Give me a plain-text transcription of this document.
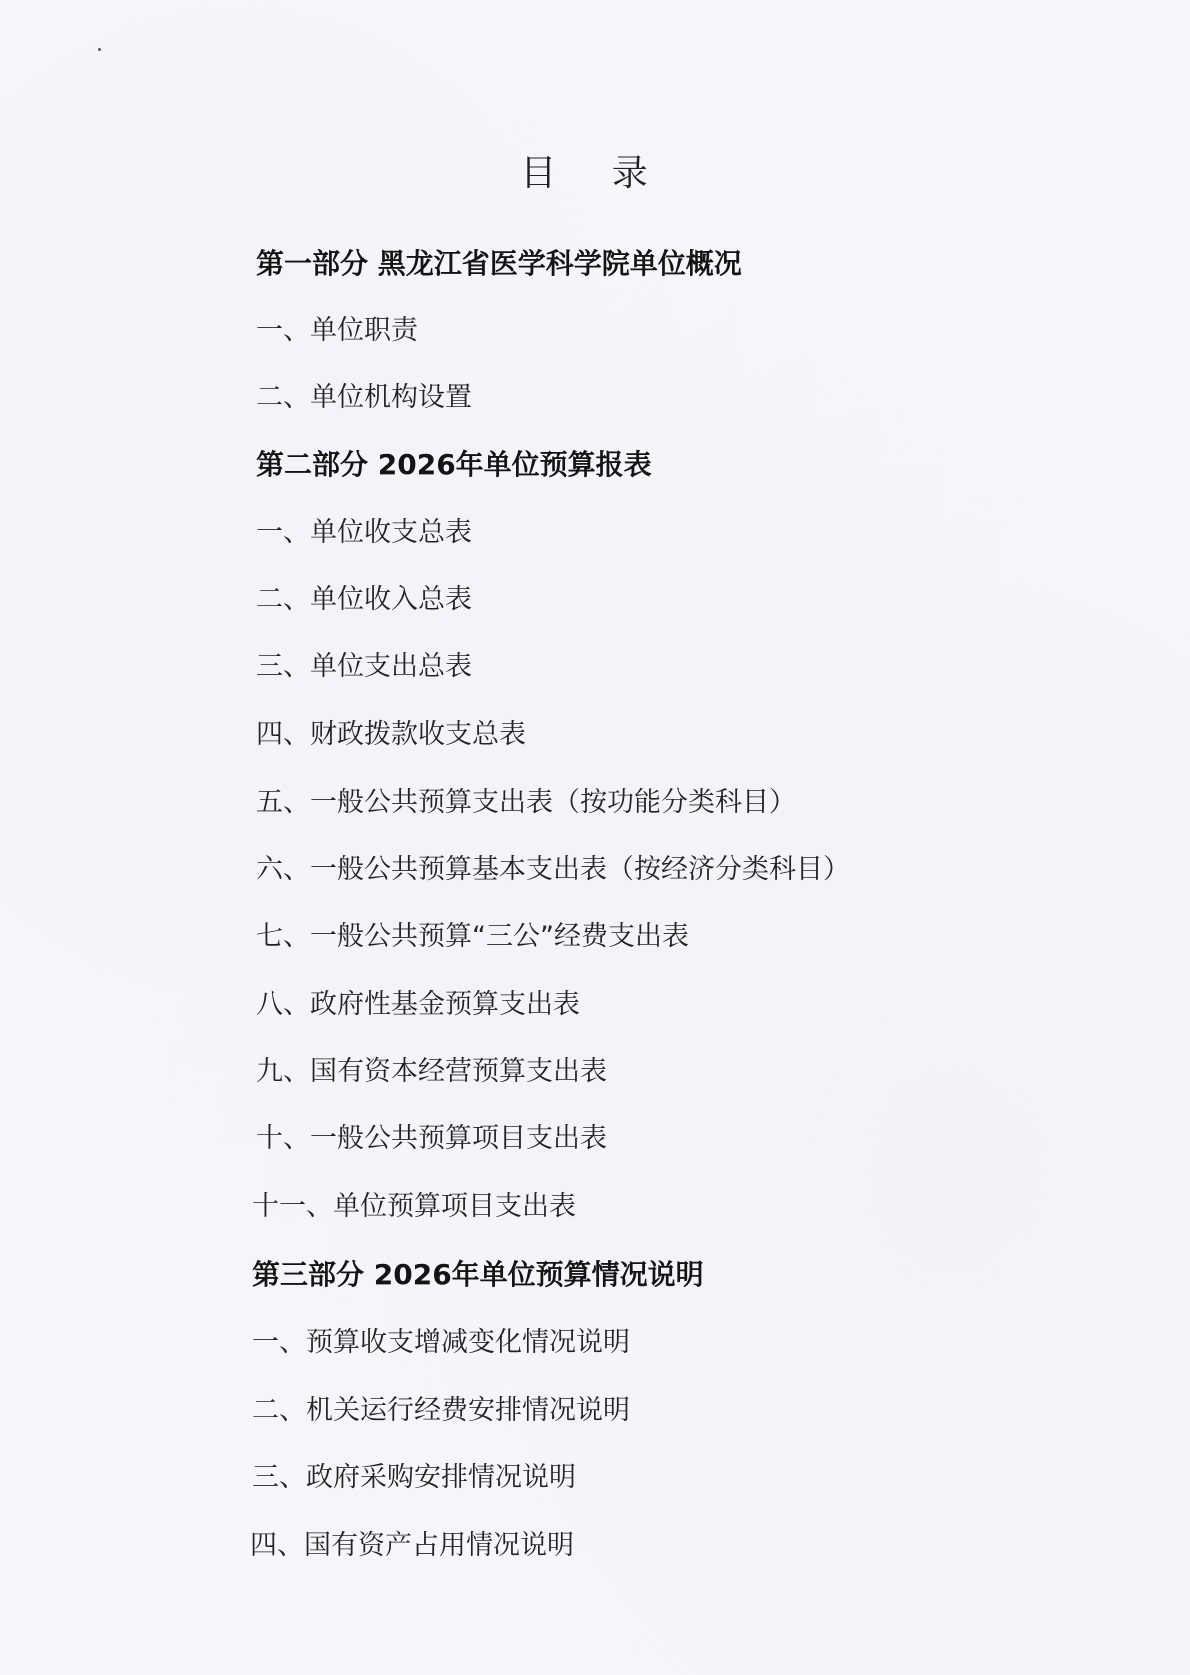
目 录
第一部分 黑龙江省医学科学院单位概况
一、单位职责
二、单位机构设置
第二部分 2026年单位预算报表
一、单位收支总表
二、单位收入总表
三、单位支出总表
四、财政拨款收支总表
五、一般公共预算支出表（按功能分类科目）
六、一般公共预算基本支出表（按经济分类科目）
七、一般公共预算“三公”经费支出表
八、政府性基金预算支出表
九、国有资本经营预算支出表
十、一般公共预算项目支出表
十一、单位预算项目支出表
第三部分 2026年单位预算情况说明
一、预算收支增减变化情况说明
二、机关运行经费安排情况说明
三、政府采购安排情况说明
四、国有资产占用情况说明
